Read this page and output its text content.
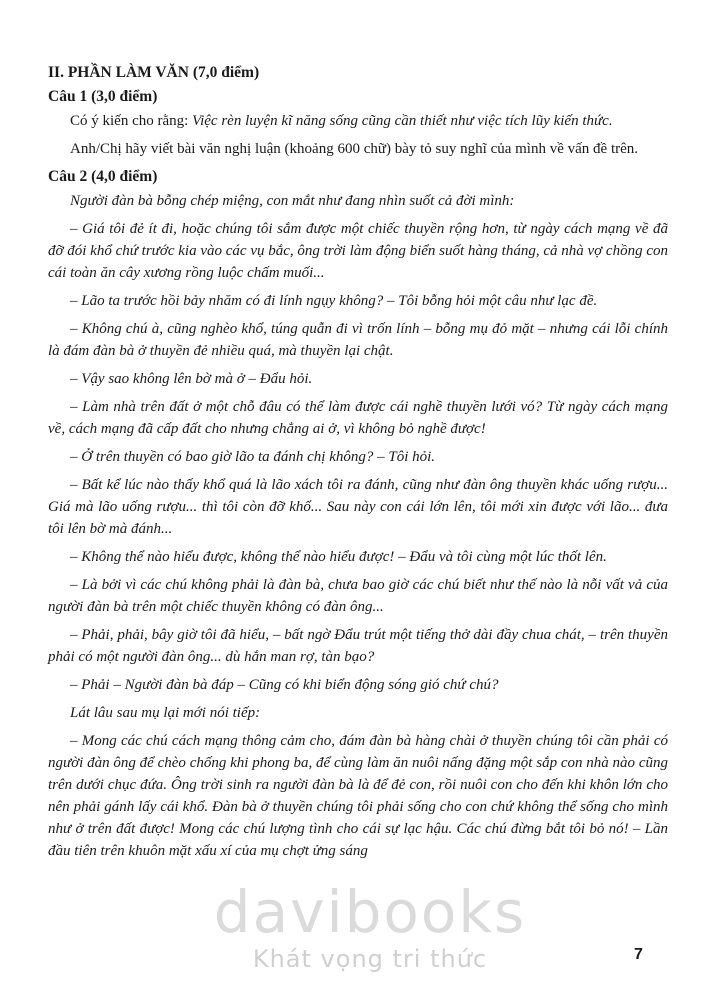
II. PHẦN LÀM VĂN (7,0 điểm)

Câu 1 (3,0 điểm)

Có ý kiến cho rằng: Việc rèn luyện kĩ năng sống cũng cần thiết như việc tích lũy kiến thức.

Anh/Chị hãy viết bài văn nghị luận (khoảng 600 chữ) bày tỏ suy nghĩ của mình về vấn đề trên.

Câu 2 (4,0 điểm)

Người đàn bà bỗng chép miệng, con mắt như đang nhìn suốt cả đời mình:

– Giá tôi đẻ ít đi, hoặc chúng tôi sắm được một chiếc thuyền rộng hơn, từ ngày cách mạng về đã đỡ đói khổ chứ trước kia vào các vụ bắc, ông trời làm động biển suốt hàng tháng, cả nhà vợ chồng con cái toàn ăn cây xương rồng luộc chấm muối...

– Lão ta trước hồi bảy nhăm có đi lính ngụy không? – Tôi bỗng hỏi một câu như lạc đề.

– Không chú à, cũng nghèo khổ, túng quẫn đi vì trốn lính – bỗng mụ đỏ mặt – nhưng cái lỗi chính là đám đàn bà ở thuyền đẻ nhiều quá, mà thuyền lại chật.

– Vậy sao không lên bờ mà ở – Đẩu hỏi.

– Làm nhà trên đất ở một chỗ đâu có thể làm được cái nghề thuyền lưới vó? Từ ngày cách mạng về, cách mạng đã cấp đất cho nhưng chẳng ai ở, vì không bỏ nghề được!

– Ở trên thuyền có bao giờ lão ta đánh chị không? – Tôi hỏi.

– Bất kể lúc nào thấy khổ quá là lão xách tôi ra đánh, cũng như đàn ông thuyền khác uống rượu... Giá mà lão uống rượu... thì tôi còn đỡ khổ... Sau này con cái lớn lên, tôi mới xin được với lão... đưa tôi lên bờ mà đánh...

– Không thể nào hiểu được, không thể nào hiểu được! – Đẩu và tôi cùng một lúc thốt lên.

– Là bởi vì các chú không phải là đàn bà, chưa bao giờ các chú biết như thế nào là nỗi vất vả của người đàn bà trên một chiếc thuyền không có đàn ông...

– Phải, phải, bây giờ tôi đã hiểu, – bất ngờ Đẩu trút một tiếng thở dài đầy chua chát, – trên thuyền phải có một người đàn ông... dù hắn man rợ, tàn bạo?

– Phải – Người đàn bà đáp – Cũng có khi biển động sóng gió chứ chú?

Lát lâu sau mụ lại mới nói tiếp:

– Mong các chú cách mạng thông cảm cho, đám đàn bà hàng chài ở thuyền chúng tôi cần phải có người đàn ông để chèo chống khi phong ba, để cùng làm ăn nuôi nấng đặng một sắp con nhà nào cũng trên dưới chục đứa. Ông trời sinh ra người đàn bà là để đẻ con, rồi nuôi con cho đến khi khôn lớn cho nên phải gánh lấy cái khổ. Đàn bà ở thuyền chúng tôi phải sống cho con chứ không thể sống cho mình như ở trên đất được! Mong các chú lượng tình cho cái sự lạc hậu. Các chú đừng bắt tôi bỏ nó! – Lần đầu tiên trên khuôn mặt xấu xí của mụ chợt ửng sáng

davibooks
Khát vọng tri thức	7
